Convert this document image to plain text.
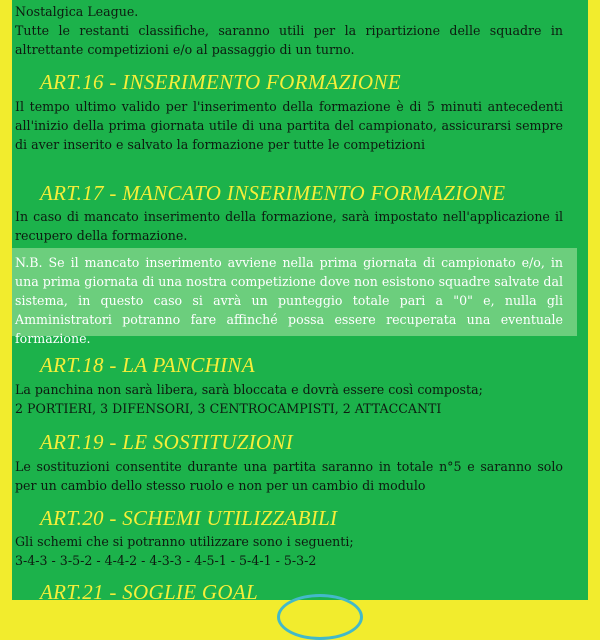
Nostalgica League.

Tutte le restanti classifiche, saranno utili per la ripartizione delle squadre in altrettante competizioni e/o al passaggio di un turno.

ART.16 - INSERIMENTO FORMAZIONE

Il tempo ultimo valido per l'inserimento della formazione è di 5 minuti antecedenti all'inizio della prima giornata utile di una partita del campionato, assicurarsi sempre di aver inserito e salvato la formazione per tutte le competizioni

ART.17 - MANCATO INSERIMENTO FORMAZIONE

In caso di mancato inserimento della formazione, sarà impostato nell'applicazione il recupero della formazione.

N.B. Se il mancato inserimento avviene nella prima giornata di campionato e/o, in una prima giornata di una nostra competizione dove non esistono squadre salvate dal sistema, in questo caso si avrà un punteggio totale pari a "0" e, nulla gli Amministratori potranno fare affinché possa essere recuperata una eventuale formazione.

ART.18 - LA PANCHINA

La panchina non sarà libera, sarà bloccata e dovrà essere così composta;

2 PORTIERI, 3 DIFENSORI, 3 CENTROCAMPISTI, 2 ATTACCANTI

ART.19 - LE SOSTITUZIONI

Le sostituzioni consentite durante una partita saranno in totale n°5 e saranno solo per un cambio dello stesso ruolo e non per un cambio di modulo

ART.20 - SCHEMI UTILIZZABILI

Gli schemi che si potranno utilizzare sono i seguenti;

3-4-3 - 3-5-2 - 4-4-2 - 4-3-3 - 4-5-1 - 5-4-1 - 5-3-2

ART.21 - SOGLIE GOAL
